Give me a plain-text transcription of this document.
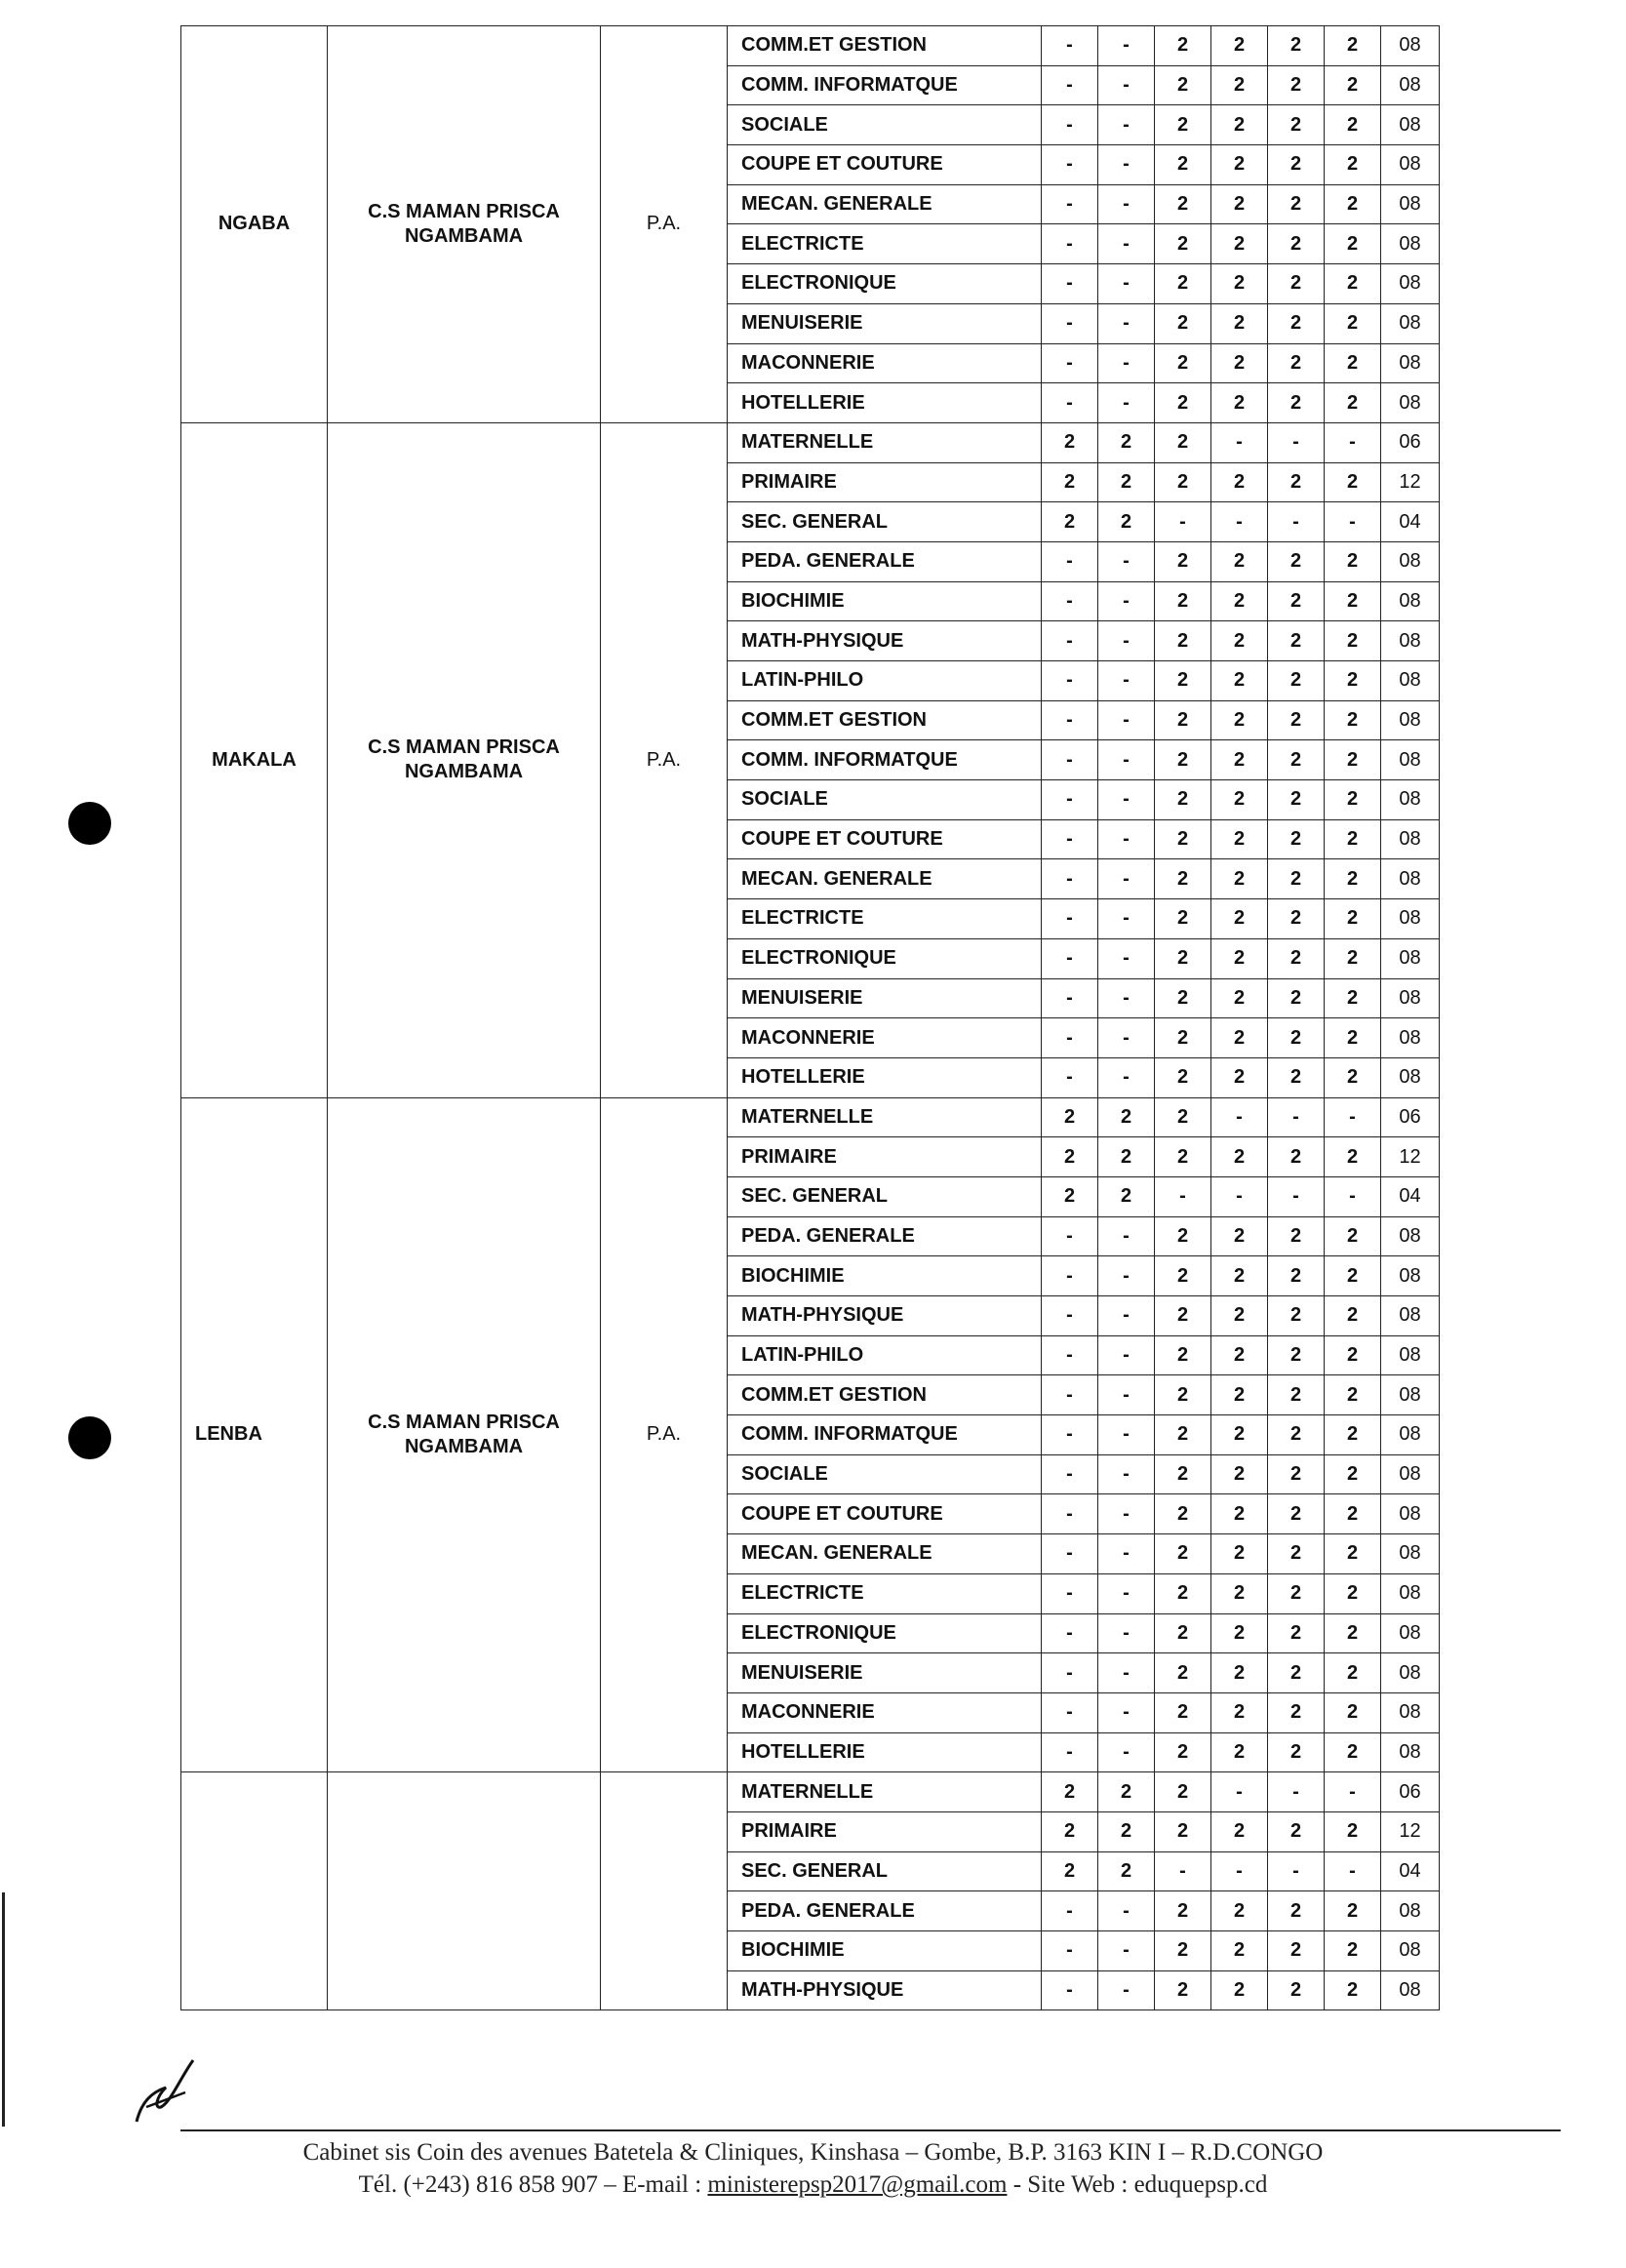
NGABA	C.S MAMAN PRISCA NGAMBAMA	P.A.	COMM.ET GESTION	-	-	2	2	2	2	08
			COMM. INFORMATQUE	-	-	2	2	2	2	08
			SOCIALE	-	-	2	2	2	2	08
			COUPE ET COUTURE	-	-	2	2	2	2	08
			MECAN. GENERALE	-	-	2	2	2	2	08
			ELECTRICTE	-	-	2	2	2	2	08
			ELECTRONIQUE	-	-	2	2	2	2	08
			MENUISERIE	-	-	2	2	2	2	08
			MACONNERIE	-	-	2	2	2	2	08
			HOTELLERIE	-	-	2	2	2	2	08
MAKALA	C.S MAMAN PRISCA NGAMBAMA	P.A.	MATERNELLE	2	2	2	-	-	-	06
			PRIMAIRE	2	2	2	2	2	2	12
			SEC. GENERAL	2	2	-	-	-	-	04
			PEDA. GENERALE	-	-	2	2	2	2	08
			BIOCHIMIE	-	-	2	2	2	2	08
			MATH-PHYSIQUE	-	-	2	2	2	2	08
			LATIN-PHILO	-	-	2	2	2	2	08
			COMM.ET GESTION	-	-	2	2	2	2	08
			COMM. INFORMATQUE	-	-	2	2	2	2	08
			SOCIALE	-	-	2	2	2	2	08
			COUPE ET COUTURE	-	-	2	2	2	2	08
			MECAN. GENERALE	-	-	2	2	2	2	08
			ELECTRICTE	-	-	2	2	2	2	08
			ELECTRONIQUE	-	-	2	2	2	2	08
			MENUISERIE	-	-	2	2	2	2	08
			MACONNERIE	-	-	2	2	2	2	08
			HOTELLERIE	-	-	2	2	2	2	08
LENBA	C.S MAMAN PRISCA NGAMBAMA	P.A.	MATERNELLE	2	2	2	-	-	-	06
			PRIMAIRE	2	2	2	2	2	2	12
			SEC. GENERAL	2	2	-	-	-	-	04
			PEDA. GENERALE	-	-	2	2	2	2	08
			BIOCHIMIE	-	-	2	2	2	2	08
			MATH-PHYSIQUE	-	-	2	2	2	2	08
			LATIN-PHILO	-	-	2	2	2	2	08
			COMM.ET GESTION	-	-	2	2	2	2	08
			COMM. INFORMATQUE	-	-	2	2	2	2	08
			SOCIALE	-	-	2	2	2	2	08
			COUPE ET COUTURE	-	-	2	2	2	2	08
			MECAN. GENERALE	-	-	2	2	2	2	08
			ELECTRICTE	-	-	2	2	2	2	08
			ELECTRONIQUE	-	-	2	2	2	2	08
			MENUISERIE	-	-	2	2	2	2	08
			MACONNERIE	-	-	2	2	2	2	08
			HOTELLERIE	-	-	2	2	2	2	08
			MATERNELLE	2	2	2	-	-	-	06
			PRIMAIRE	2	2	2	2	2	2	12
			SEC. GENERAL	2	2	-	-	-	-	04
			PEDA. GENERALE	-	-	2	2	2	2	08
			BIOCHIMIE	-	-	2	2	2	2	08
			MATH-PHYSIQUE	-	-	2	2	2	2	08
Cabinet sis Coin des avenues Batetela & Cliniques, Kinshasa – Gombe, B.P. 3163 KIN I – R.D.CONGO
Tél. (+243) 816 858 907 – E-mail : ministerepsp2017@gmail.com - Site Web : eduquepsp.cd
